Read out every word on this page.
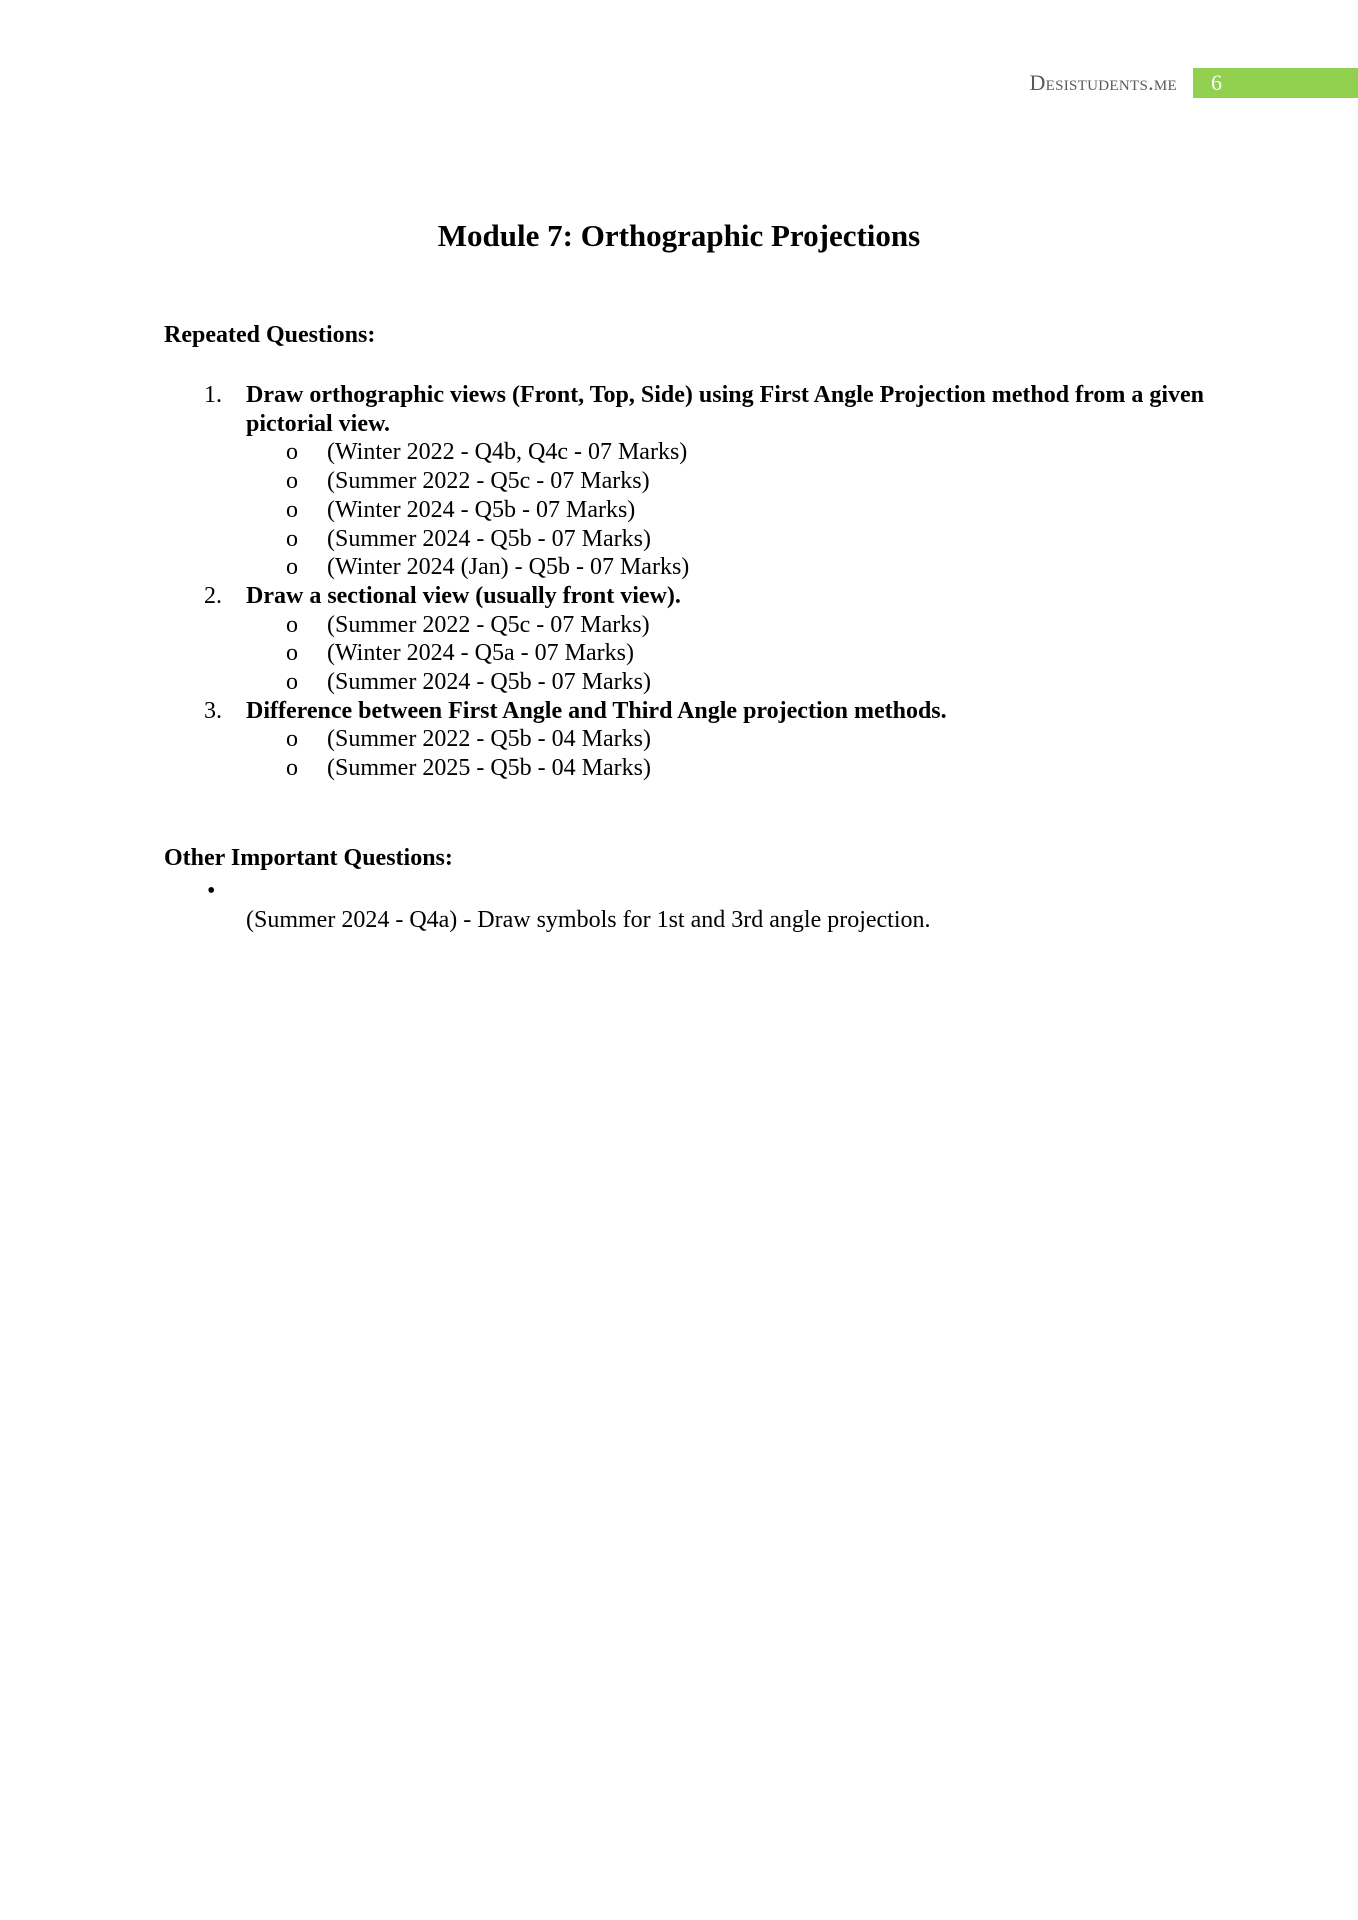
Desistudents.me	6
Module 7: Orthographic Projections
Repeated Questions:
1.	Draw orthographic views (Front, Top, Side) using First Angle Projection method from a given pictorial view.
o	(Winter 2022 - Q4b, Q4c - 07 Marks)
o	(Summer 2022 - Q5c - 07 Marks)
o	(Winter 2024 - Q5b - 07 Marks)
o	(Summer 2024 - Q5b - 07 Marks)
o	(Winter 2024 (Jan) - Q5b - 07 Marks)
2.	Draw a sectional view (usually front view).
o	(Summer 2022 - Q5c - 07 Marks)
o	(Winter 2024 - Q5a - 07 Marks)
o	(Summer 2024 - Q5b - 07 Marks)
3.	Difference between First Angle and Third Angle projection methods.
o	(Summer 2022 - Q5b - 04 Marks)
o	(Summer 2025 - Q5b - 04 Marks)
Other Important Questions:
•
(Summer 2024 - Q4a) - Draw symbols for 1st and 3rd angle projection.
